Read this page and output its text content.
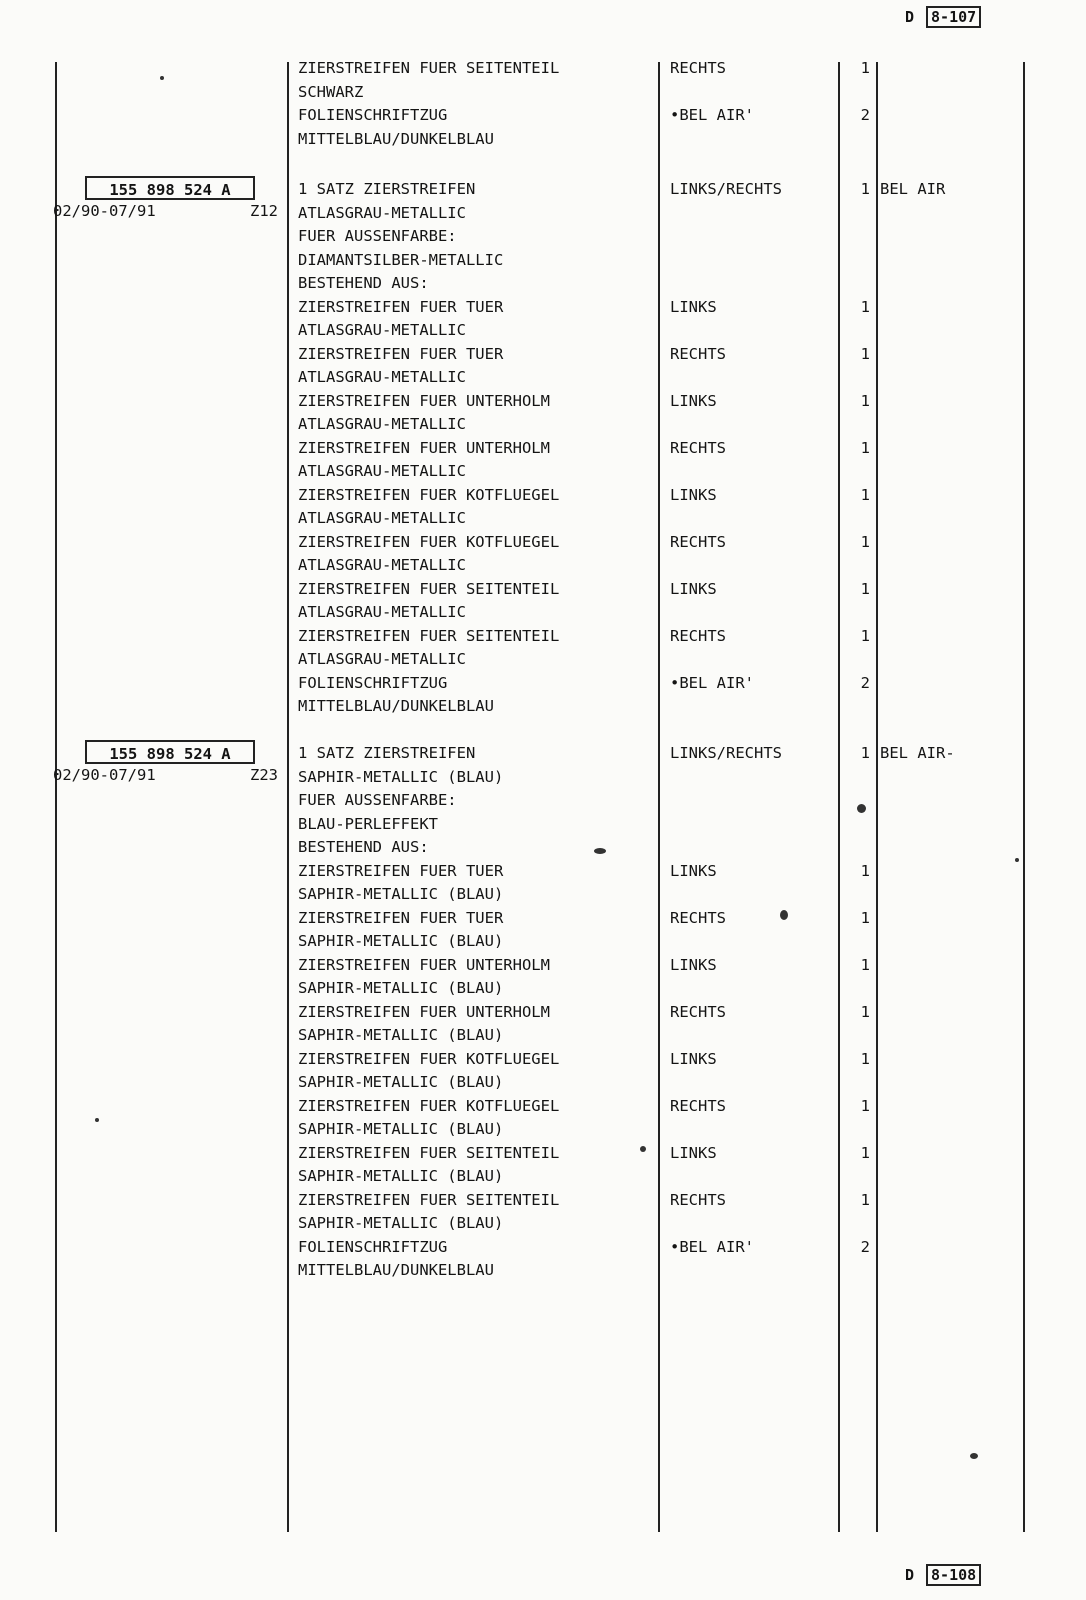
D 8-107
ZIERSTREIFEN FUER SEITENTEIL	RECHTS	1
SCHWARZ
FOLIENSCHRIFTZUG	•BEL AIR'	2
MITTELBLAU/DUNKELBLAU
155 898 524 A
02/90-07/91	Z12
1 SATZ ZIERSTREIFEN	LINKS/RECHTS	1 BEL AIR
ATLASGRAU-METALLIC
FUER AUSSENFARBE:
DIAMANTSILBER-METALLIC
BESTEHEND AUS:
ZIERSTREIFEN FUER TUER	LINKS	1
ATLASGRAU-METALLIC
ZIERSTREIFEN FUER TUER	RECHTS	1
ATLASGRAU-METALLIC
ZIERSTREIFEN FUER UNTERHOLM	LINKS	1
ATLASGRAU-METALLIC
ZIERSTREIFEN FUER UNTERHOLM	RECHTS	1
ATLASGRAU-METALLIC
ZIERSTREIFEN FUER KOTFLUEGEL	LINKS	1
ATLASGRAU-METALLIC
ZIERSTREIFEN FUER KOTFLUEGEL	RECHTS	1
ATLASGRAU-METALLIC
ZIERSTREIFEN FUER SEITENTEIL	LINKS	1
ATLASGRAU-METALLIC
ZIERSTREIFEN FUER SEITENTEIL	RECHTS	1
ATLASGRAU-METALLIC
FOLIENSCHRIFTZUG	•BEL AIR'	2
MITTELBLAU/DUNKELBLAU
155 898 524 A
02/90-07/91	Z23
1 SATZ ZIERSTREIFEN	LINKS/RECHTS	1 BEL AIR-
SAPHIR-METALLIC (BLAU)
FUER AUSSENFARBE:
BLAU-PERLEFFEKT
BESTEHEND AUS:
ZIERSTREIFEN FUER TUER	LINKS	1
SAPHIR-METALLIC (BLAU)
ZIERSTREIFEN FUER TUER	RECHTS	1
SAPHIR-METALLIC (BLAU)
ZIERSTREIFEN FUER UNTERHOLM	LINKS	1
SAPHIR-METALLIC (BLAU)
ZIERSTREIFEN FUER UNTERHOLM	RECHTS	1
SAPHIR-METALLIC (BLAU)
ZIERSTREIFEN FUER KOTFLUEGEL	LINKS	1
SAPHIR-METALLIC (BLAU)
ZIERSTREIFEN FUER KOTFLUEGEL	RECHTS	1
SAPHIR-METALLIC (BLAU)
ZIERSTREIFEN FUER SEITENTEIL	LINKS	1
SAPHIR-METALLIC (BLAU)
ZIERSTREIFEN FUER SEITENTEIL	RECHTS	1
SAPHIR-METALLIC (BLAU)
FOLIENSCHRIFTZUG	•BEL AIR'	2
MITTELBLAU/DUNKELBLAU
D 8-108
